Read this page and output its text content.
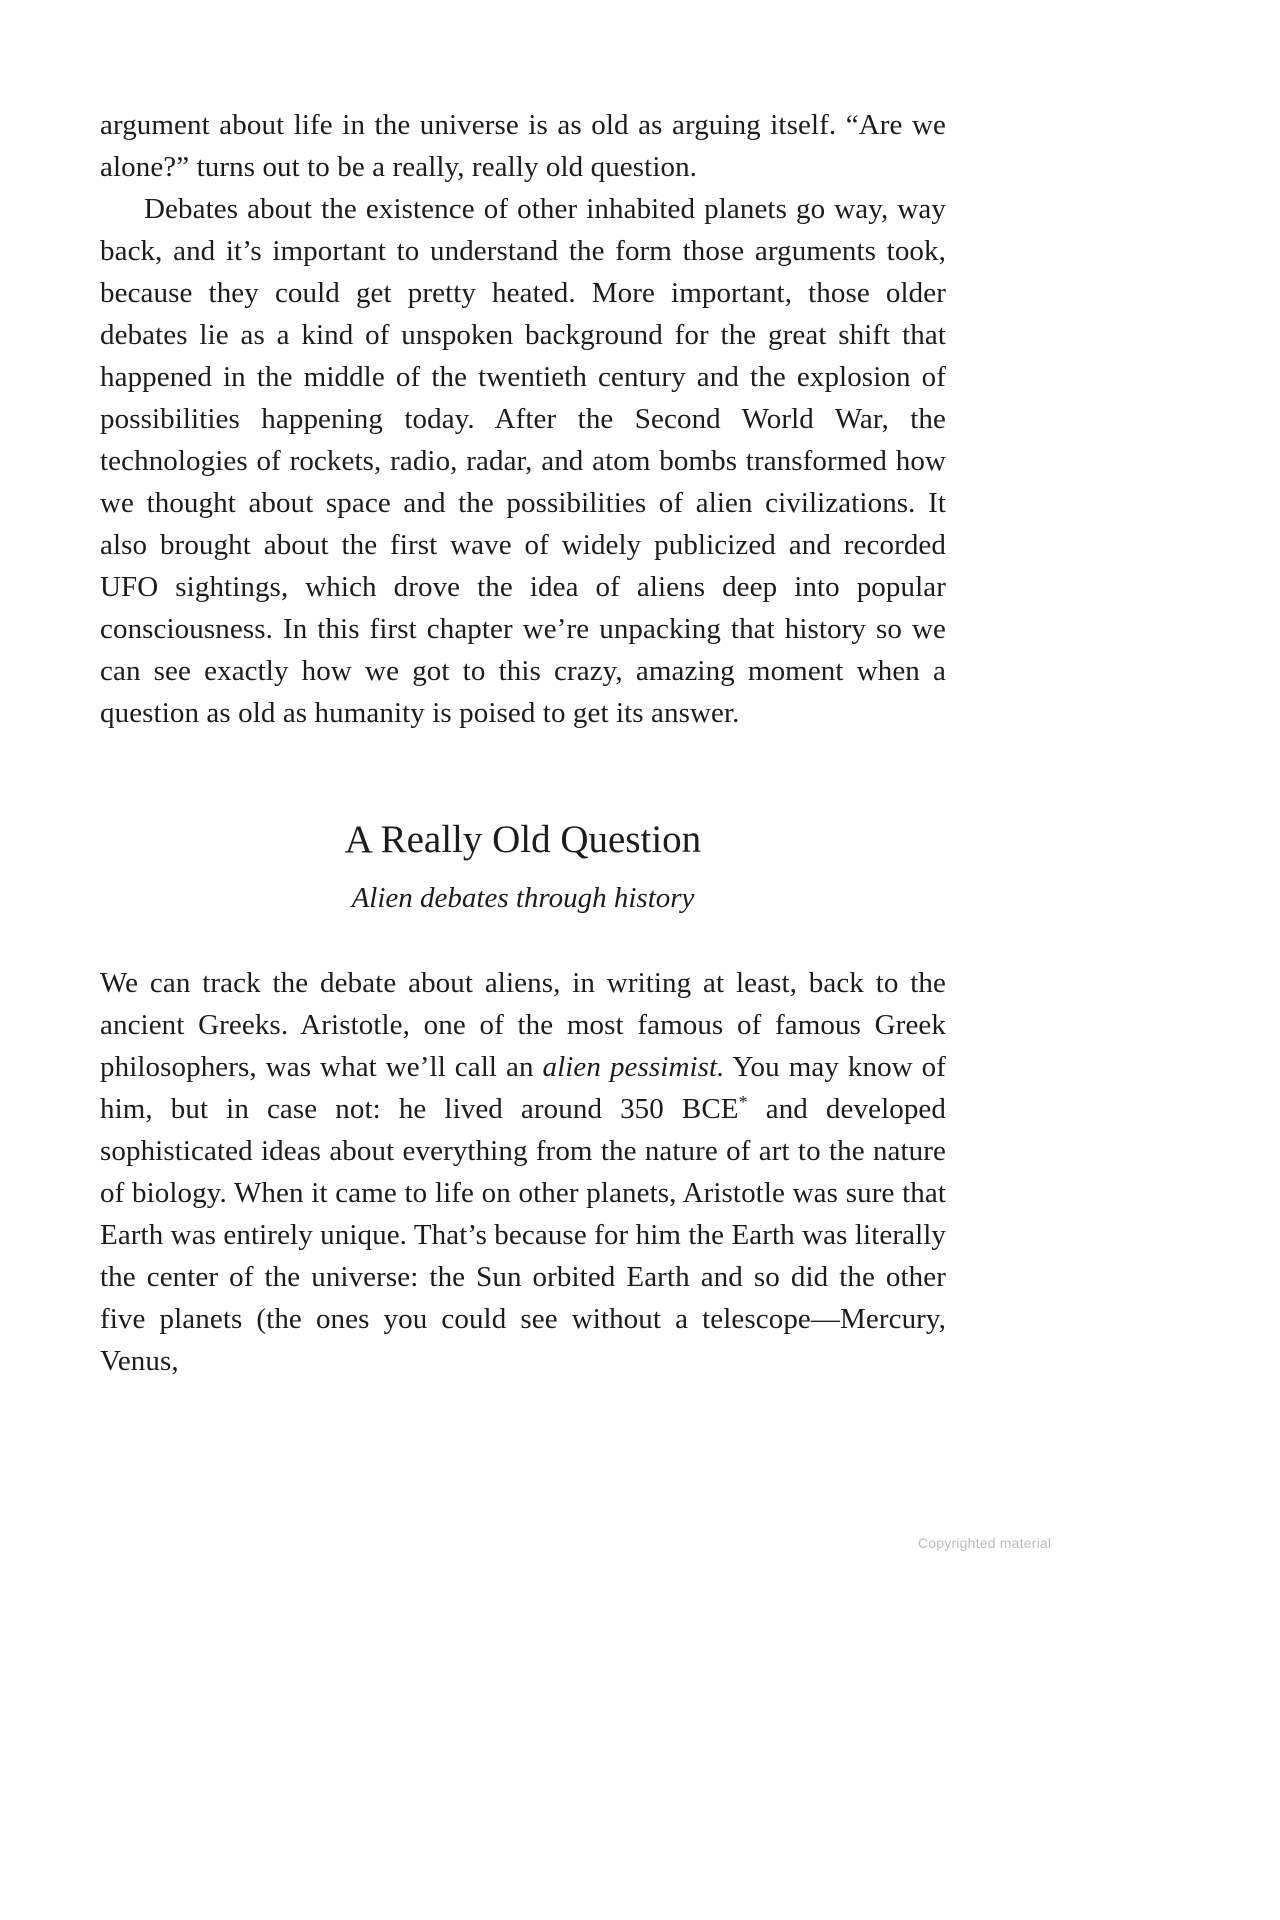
argument about life in the universe is as old as arguing itself. “Are we alone?” turns out to be a really, really old question.

Debates about the existence of other inhabited planets go way, way back, and it’s important to understand the form those arguments took, because they could get pretty heated. More important, those older debates lie as a kind of unspoken background for the great shift that happened in the middle of the twentieth century and the explosion of possibilities happening today. After the Second World War, the technologies of rockets, radio, radar, and atom bombs transformed how we thought about space and the possibilities of alien civilizations. It also brought about the first wave of widely publicized and recorded UFO sightings, which drove the idea of aliens deep into popular consciousness. In this first chapter we’re unpacking that history so we can see exactly how we got to this crazy, amazing moment when a question as old as humanity is poised to get its answer.

A Really Old Question
Alien debates through history

We can track the debate about aliens, in writing at least, back to the ancient Greeks. Aristotle, one of the most famous of famous Greek philosophers, was what we’ll call an alien pessimist. You may know of him, but in case not: he lived around 350 BCE* and developed sophisticated ideas about everything from the nature of art to the nature of biology. When it came to life on other planets, Aristotle was sure that Earth was entirely unique. That’s because for him the Earth was literally the center of the universe: the Sun orbited Earth and so did the other five planets (the ones you could see without a telescope—Mercury, Venus,

Copyrighted material
